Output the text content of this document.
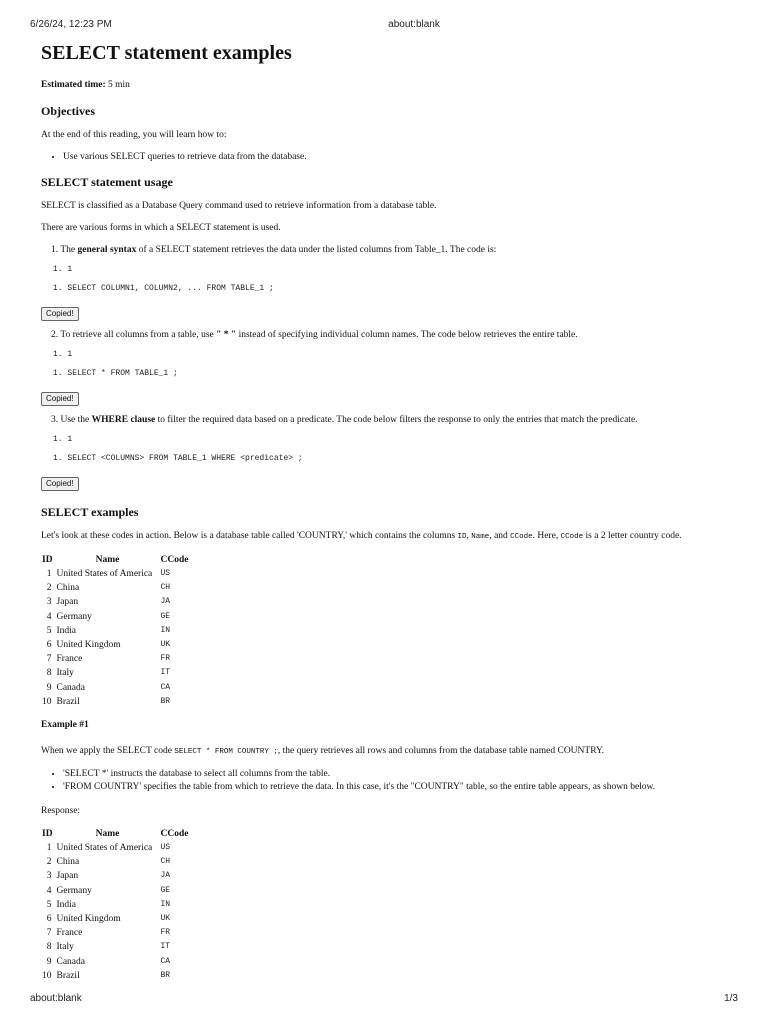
6/26/24, 12:23 PM	about:blank
SELECT statement examples

Estimated time: 5 min

Objectives

At the end of this reading, you will learn how to:

• Use various SELECT queries to retrieve data from the database.
SELECT statement usage

SELECT is classified as a Database Query command used to retrieve information from a database table.

There are various forms in which a SELECT statement is used.

1. The general syntax of a SELECT statement retrieves the data under the listed columns from Table_1. The code is:
1. 1
1. SELECT COLUMN1, COLUMN2, ... FROM TABLE_1 ;
Copied!
2. To retrieve all columns from a table, use " * " instead of specifying individual column names. The code below retrieves the entire table.
1. 1
1. SELECT * FROM TABLE_1 ;
Copied!
3. Use the WHERE clause to filter the required data based on a predicate. The code below filters the response to only the entries that match the predicate.
1. 1
1. SELECT <COLUMNS> FROM TABLE_1 WHERE <predicate> ;
Copied!
SELECT examples

Let's look at these codes in action. Below is a database table called 'COUNTRY,' which contains the columns ID, Name, and CCode. Here, CCode is a 2 letter country code.

ID	Name	CCode
1	United States of America	US
2	China	CH
3	Japan	JA
4	Germany	GE
5	India	IN
6	United Kingdom	UK
7	France	FR
8	Italy	IT
9	Canada	CA
10	Brazil	BR
Example #1

When we apply the SELECT code SELECT * FROM COUNTRY ;, the query retrieves all rows and columns from the database table named COUNTRY.

• 'SELECT *' instructs the database to select all columns from the table.
• 'FROM COUNTRY' specifies the table from which to retrieve the data. In this case, it's the "COUNTRY" table, so the entire table appears, as shown below.

Response:

ID	Name	CCode
1	United States of America	US
2	China	CH
3	Japan	JA
4	Germany	GE
5	India	IN
6	United Kingdom	UK
7	France	FR
8	Italy	IT
9	Canada	CA
10	Brazil	BR
about:blank	1/3
